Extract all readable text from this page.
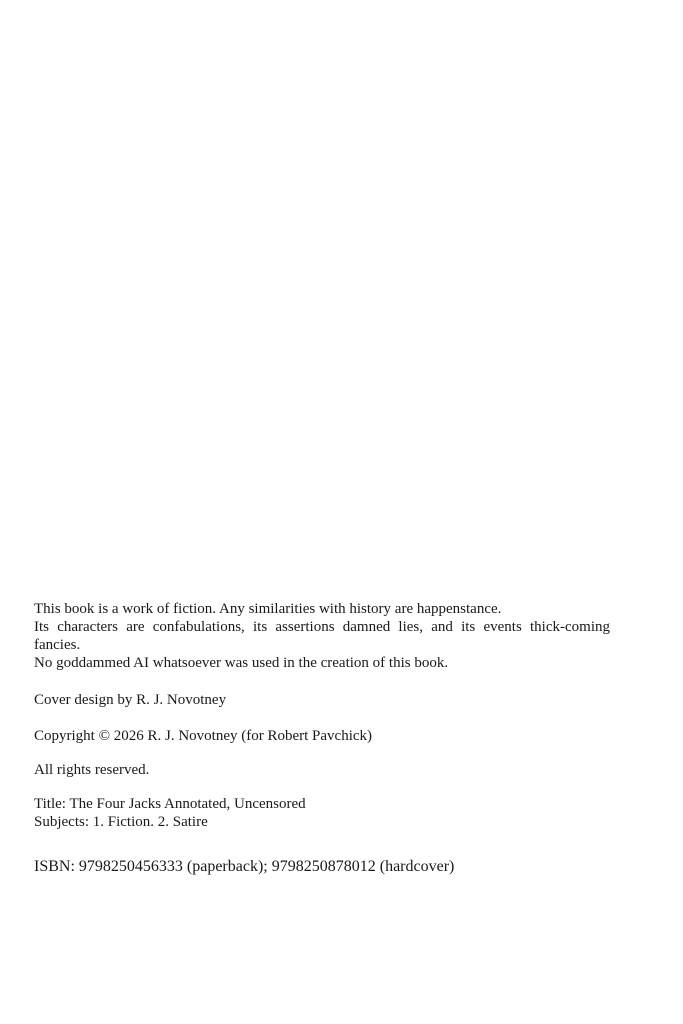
This book is a work of fiction. Any similarities with history are happenstance.

Its characters are confabulations, its assertions damned lies, and its events thick-coming fancies.

No goddammed AI whatsoever was used in the creation of this book.

Cover design by R. J. Novotney

Copyright © 2026 R. J. Novotney (for Robert Pavchick)

All rights reserved.

Title: The Four Jacks Annotated, Uncensored

Subjects: 1. Fiction. 2. Satire

ISBN: 9798250456333 (paperback); 9798250878012 (hardcover)
